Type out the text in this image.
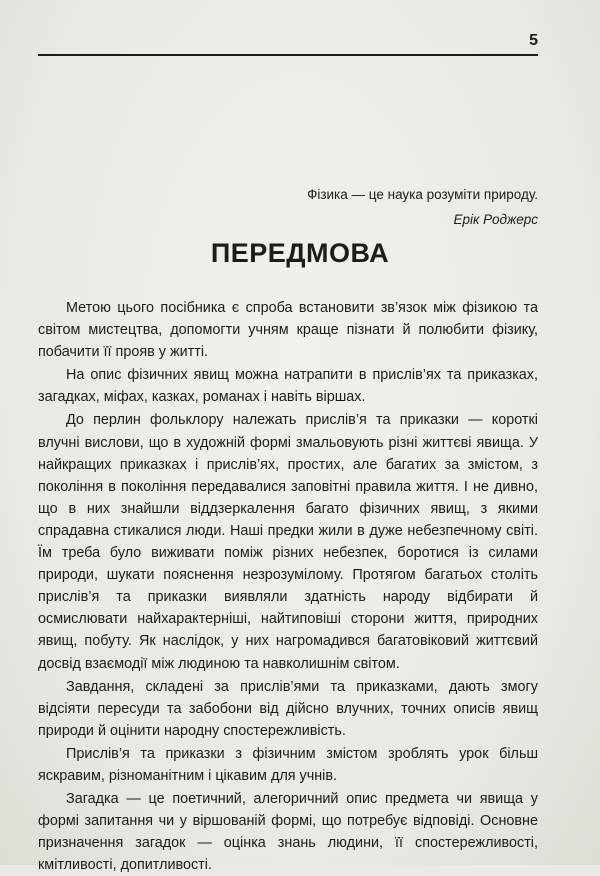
5
Фізика — це наука розуміти природу.
Ерік Роджерс
ПЕРЕДМОВА

Метою цього посібника є спроба встановити зв’язок між фізикою та світом мистецтва, допомогти учням краще пізнати й полюбити фізику, побачити її прояв у житті.

На опис фізичних явищ можна натрапити в прислів’ях та приказках, загадках, міфах, казках, романах і навіть віршах.

До перлин фольклору належать прислів’я та приказки — короткі влучні вислови, що в художній формі змальовують різні життєві явища. У найкращих приказках і прислів’ях, простих, але багатих за змістом, з покоління в покоління передавалися заповітні правила життя. І не дивно, що в них знайшли віддзеркалення багато фізичних явищ, з якими спрадавна стикалися люди. Наші предки жили в дуже небезпечному світі. Їм треба було виживати поміж різних небезпек, боротися із силами природи, шукати пояснення незрозумілому. Протягом багатьох століть прислів’я та приказки виявляли здатність народу відбирати й осмислювати найхарактерніші, найтиповіші сторони життя, природних явищ, побуту. Як наслідок, у них нагромадився багатовіковий життєвий досвід взаємодії між людиною та навколишнім світом.

Завдання, складені за прислів’ями та приказками, дають змогу відсіяти пересуди та забобони від дійсно влучних, точних описів явищ природи й оцінити народну спостережливість.

Прислів’я та приказки з фізичним змістом зроблять урок більш яскравим, різноманітним і цікавим для учнів.

Загадка — це поетичний, алегоричний опис предмета чи явища у формі запитання чи у віршованій формі, що потребує відповіді. Основне призначення загадок — оцінка знань людини, її спостережливості, кмітливості, допитливості.
